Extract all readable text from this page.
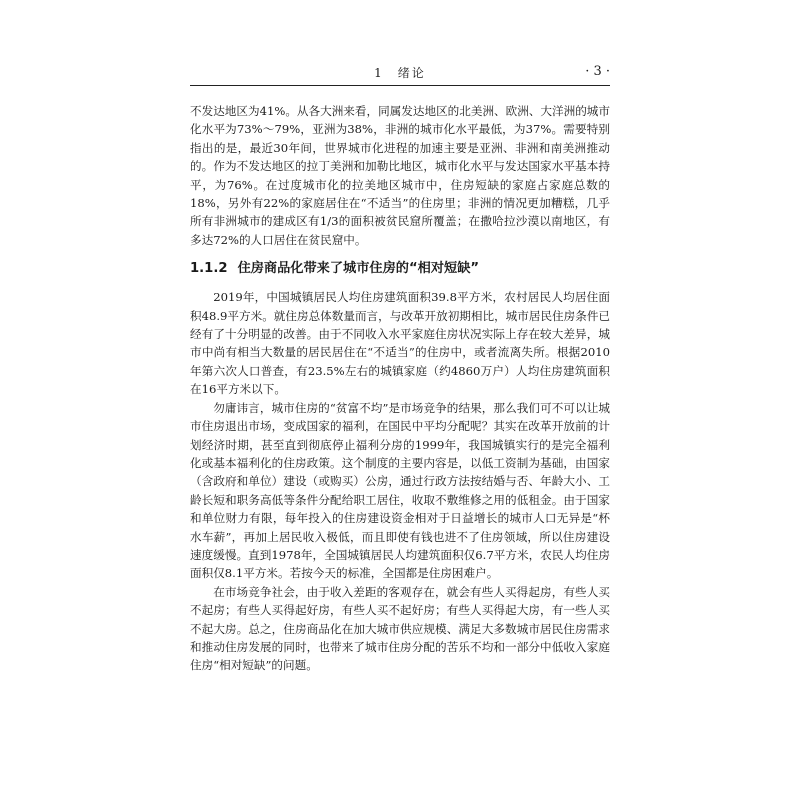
1　绪论	· 3 ·

不发达地区为41%。从各大洲来看，同属发达地区的北美洲、欧洲、大洋洲的城市化水平为73%～79%，亚洲为38%，非洲的城市化水平最低，为37%。需要特别指出的是，最近30年间，世界城市化进程的加速主要是亚洲、非洲和南美洲推动的。作为不发达地区的拉丁美洲和加勒比地区，城市化水平与发达国家水平基本持平，为76%。在过度城市化的拉美地区城市中，住房短缺的家庭占家庭总数的18%，另外有22%的家庭居住在“不适当”的住房里；非洲的情况更加糟糕，几乎所有非洲城市的建成区有1/3的面积被贫民窟所覆盖；在撒哈拉沙漠以南地区，有多达72%的人口居住在贫民窟中。

1.1.2 住房商品化带来了城市住房的“相对短缺”

2019年，中国城镇居民人均住房建筑面积39.8平方米，农村居民人均居住面积48.9平方米。就住房总体数量而言，与改革开放初期相比，城市居民住房条件已经有了十分明显的改善。由于不同收入水平家庭住房状况实际上存在较大差异，城市中尚有相当大数量的居民居住在“不适当”的住房中，或者流离失所。根据2010年第六次人口普查，有23.5%左右的城镇家庭（约4860万户）人均住房建筑面积在16平方米以下。

勿庸讳言，城市住房的“贫富不均”是市场竞争的结果，那么我们可不可以让城市住房退出市场，变成国家的福利，在国民中平均分配呢？其实在改革开放前的计划经济时期，甚至直到彻底停止福利分房的1999年，我国城镇实行的是完全福利化或基本福利化的住房政策。这个制度的主要内容是，以低工资制为基础，由国家（含政府和单位）建设（或购买）公房，通过行政方法按结婚与否、年龄大小、工龄长短和职务高低等条件分配给职工居住，收取不敷维修之用的低租金。由于国家和单位财力有限，每年投入的住房建设资金相对于日益增长的城市人口无异是“杯水车薪”，再加上居民收入极低，而且即使有钱也进不了住房领域，所以住房建设速度缓慢。直到1978年，全国城镇居民人均建筑面积仅6.7平方米，农民人均住房面积仅8.1平方米。若按今天的标准，全国都是住房困难户。

在市场竞争社会，由于收入差距的客观存在，就会有些人买得起房，有些人买不起房；有些人买得起好房，有些人买不起好房；有些人买得起大房，有一些人买不起大房。总之，住房商品化在加大城市供应规模、满足大多数城市居民住房需求和推动住房发展的同时，也带来了城市住房分配的苦乐不均和一部分中低收入家庭住房“相对短缺”的问题。
